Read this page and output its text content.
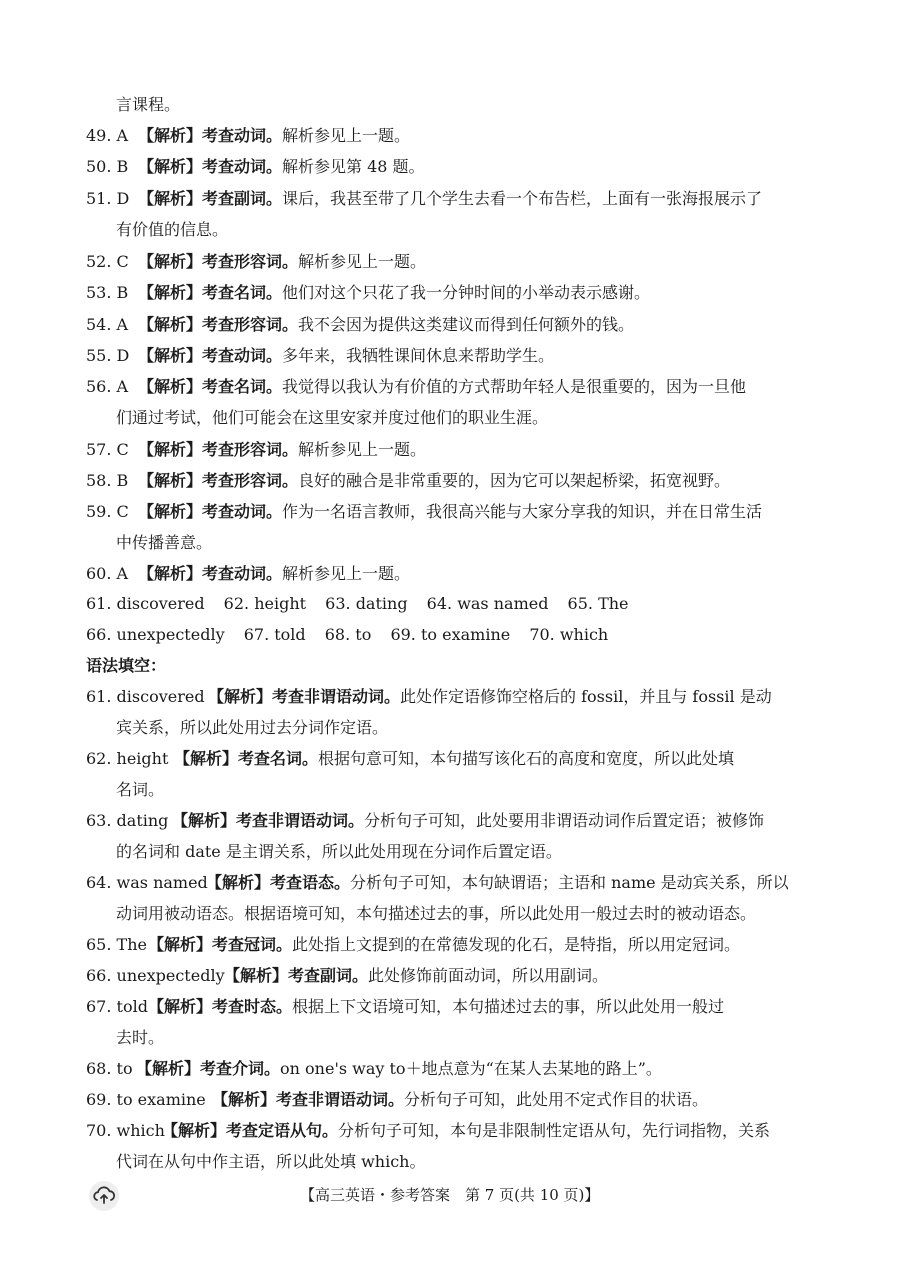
言课程。
49. A 【解析】考查动词。解析参见上一题。
50. B 【解析】考查动词。解析参见第 48 题。
51. D 【解析】考查副词。课后，我甚至带了几个学生去看一个布告栏，上面有一张海报展示了
有价值的信息。
52. C 【解析】考查形容词。解析参见上一题。
53. B 【解析】考查名词。他们对这个只花了我一分钟时间的小举动表示感谢。
54. A 【解析】考查形容词。我不会因为提供这类建议而得到任何额外的钱。
55. D 【解析】考查动词。多年来，我牺牲课间休息来帮助学生。
56. A 【解析】考查名词。我觉得以我认为有价值的方式帮助年轻人是很重要的，因为一旦他
们通过考试，他们可能会在这里安家并度过他们的职业生涯。
57. C 【解析】考查形容词。解析参见上一题。
58. B 【解析】考查形容词。良好的融合是非常重要的，因为它可以架起桥梁，拓宽视野。
59. C 【解析】考查动词。作为一名语言教师，我很高兴能与大家分享我的知识，并在日常生活
中传播善意。
60. A 【解析】考查动词。解析参见上一题。
61. discovered 62. height 63. dating 64. was named 65. The
66. unexpectedly 67. told 68. to 69. to examine 70. which
语法填空：
61. discovered 【解析】考查非谓语动词。此处作定语修饰空格后的 fossil，并且与 fossil 是动
宾关系，所以此处用过去分词作定语。
62. height 【解析】考查名词。根据句意可知，本句描写该化石的高度和宽度，所以此处填
名词。
63. dating 【解析】考查非谓语动词。分析句子可知，此处要用非谓语动词作后置定语；被修饰
的名词和 date 是主谓关系，所以此处用现在分词作后置定语。
64. was named
【解析】考查语态。分析句子可知，本句缺谓语；主语和 name 是动宾关系，所以
动词用被动语态。根据语境可知，本句描述过去的事，所以此处用一般过去时的被动语态。
65. The 【解析】考查冠词。此处指上文提到的在常德发现的化石，是特指，所以用定冠词。
66. unexpectedly 【解析】考查副词。此处修饰前面动词，所以用副词。
67. told 【解析】考查时态。根据上下文语境可知，本句描述过去的事，所以此处用一般过
去时。
68. to 【解析】考查介词。on one's way to＋地点意为“在某人去某地的路上”。
69. to examine 【解析】考查非谓语动词。分析句子可知，此处用不定式作目的状语。
70. which
【解析】考查定语从句。分析句子可知，本句是非限制性定语从句，先行词指物，关系
代词在从句中作主语，所以此处填 which。
【高三英语・参考答案　第 7 页(共 10 页)】
